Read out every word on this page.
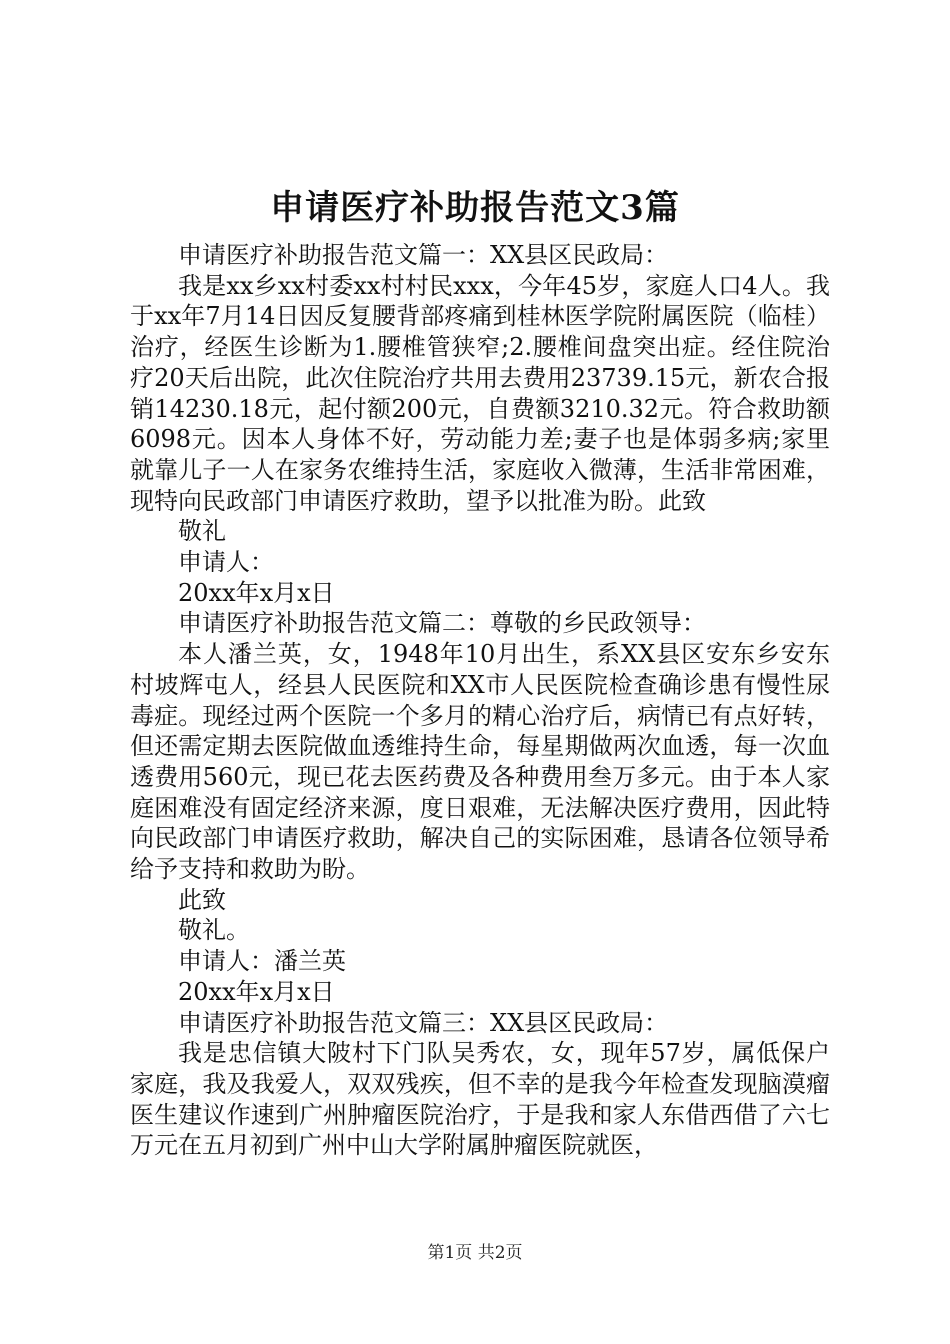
申请医疗补助报告范文3篇

申请医疗补助报告范文篇一：XX县区民政局：

我是xx乡xx村委xx村村民xxx，今年45岁，家庭人口4人。我于xx年7月14日因反复腰背部疼痛到桂林医学院附属医院（临桂）治疗，经医生诊断为1.腰椎管狭窄;2.腰椎间盘突出症。经住院治疗20天后出院，此次住院治疗共用去费用23739.15元，新农合报销14230.18元，起付额200元，自费额3210.32元。符合救助额6098元。因本人身体不好，劳动能力差;妻子也是体弱多病;家里就靠儿子一人在家务农维持生活，家庭收入微薄，生活非常困难，现特向民政部门申请医疗救助，望予以批准为盼。此致

敬礼

申请人：

20xx年x月x日

申请医疗补助报告范文篇二：尊敬的乡民政领导：

本人潘兰英，女，1948年10月出生，系XX县区安东乡安东村坡辉屯人，经县人民医院和XX市人民医院检查确诊患有慢性尿毒症。现经过两个医院一个多月的精心治疗后，病情已有点好转，但还需定期去医院做血透维持生命，每星期做两次血透，每一次血透费用560元，现已花去医药费及各种费用叁万多元。由于本人家庭困难没有固定经济来源，度日艰难，无法解决医疗费用，因此特向民政部门申请医疗救助，解决自己的实际困难，恳请各位领导希给予支持和救助为盼。

此致

敬礼。

申请人：潘兰英

20xx年x月x日

申请医疗补助报告范文篇三：XX县区民政局：

我是忠信镇大陂村下门队吴秀农，女，现年57岁，属低保户家庭，我及我爱人，双双残疾，但不幸的是我今年检查发现脑漠瘤医生建议作速到广州肿瘤医院治疗，于是我和家人东借西借了六七万元在五月初到广州中山大学附属肿瘤医院就医，

第1页 共2页
